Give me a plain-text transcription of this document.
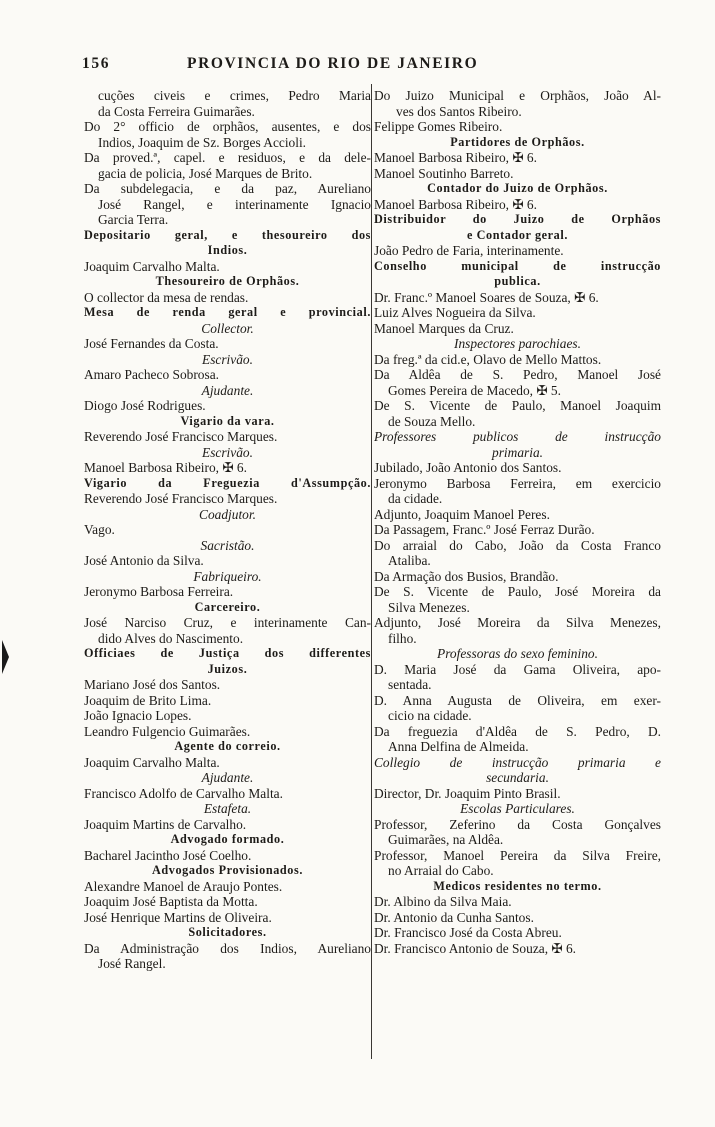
156	PROVINCIA DO RIO DE JANEIRO
cuções civeis e crimes, Pedro Maria
da Costa Ferreira Guimarães.
Do 2° officio de orphãos, ausentes, e dos
Indios, Joaquim de Sz. Borges Accioli.
Da proved.ª, capel. e residuos, e da dele-
gacia de policia, José Marques de Brito.
Da subdelegacia, e da paz, Aureliano
José Rangel, e interinamente Ignacio
Garcia Terra.
Depositario geral, e thesoureiro dos
Indios.
Joaquim Carvalho Malta.
Thesoureiro de Orphãos.
O collector da mesa de rendas.
Mesa de renda geral e provincial.
Collector.
José Fernandes da Costa.
Escrivão.
Amaro Pacheco Sobrosa.
Ajudante.
Diogo José Rodrigues.
Vigario da vara.
Reverendo José Francisco Marques.
Escrivão.
Manoel Barbosa Ribeiro, ✠ 6.
Vigario da Freguezia d'Assumpção.
Reverendo José Francisco Marques.
Coadjutor.
Vago.
Sacristão.
José Antonio da Silva.
Fabriqueiro.
Jeronymo Barbosa Ferreira.
Carcereiro.
José Narciso Cruz, e interinamente Can-
dido Alves do Nascimento.
Officiaes de Justiça dos differentes
Juizos.
Mariano José dos Santos.
Joaquim de Brito Lima.
João Ignacio Lopes.
Leandro Fulgencio Guimarães.
Agente do correio.
Joaquim Carvalho Malta.
Ajudante.
Francisco Adolfo de Carvalho Malta.
Estafeta.
Joaquim Martins de Carvalho.
Advogado formado.
Bacharel Jacintho José Coelho.
Advogados Provisionados.
Alexandre Manoel de Araujo Pontes.
Joaquim José Baptista da Motta.
José Henrique Martins de Oliveira.
Solicitadores.
Da Administração dos Indios, Aureliano
José Rangel.
Do Juizo Municipal e Orphãos, João Al-
ves dos Santos Ribeiro.
Felippe Gomes Ribeiro.
Partidores de Orphãos.
Manoel Barbosa Ribeiro, ✠ 6.
Manoel Soutinho Barreto.
Contador do Juizo de Orphãos.
Manoel Barbosa Ribeiro, ✠ 6.
Distribuidor do Juizo de Orphãos
e Contador geral.
João Pedro de Faria, interinamente.
Conselho municipal de instrucção
publica.
Dr. Franc.º Manoel Soares de Souza, ✠ 6.
Luiz Alves Nogueira da Silva.
Manoel Marques da Cruz.
Inspectores parochiaes.
Da freg.ª da cid.e, Olavo de Mello Mattos.
Da Aldêa de S. Pedro, Manoel José
Gomes Pereira de Macedo, ✠ 5.
De S. Vicente de Paulo, Manoel Joaquim
de Souza Mello.
Professores publicos de instrucção
primaria.
Jubilado, João Antonio dos Santos.
Jeronymo Barbosa Ferreira, em exercicio
da cidade.
Adjunto, Joaquim Manoel Peres.
Da Passagem, Franc.º José Ferraz Durão.
Do arraial do Cabo, João da Costa Franco
Ataliba.
Da Armação dos Busios, Brandão.
De S. Vicente de Paulo, José Moreira da
Silva Menezes.
Adjunto, José Moreira da Silva Menezes,
filho.
Professoras do sexo feminino.
D. Maria José da Gama Oliveira, apo-
sentada.
D. Anna Augusta de Oliveira, em exer-
cicio na cidade.
Da freguezia d'Aldêa de S. Pedro, D.
Anna Delfina de Almeida.
Collegio de instrucção primaria e
secundaria.
Director, Dr. Joaquim Pinto Brasil.
Escolas Particulares.
Professor, Zeferino da Costa Gonçalves
Guimarães, na Aldêa.
Professor, Manoel Pereira da Silva Freire,
no Arraial do Cabo.
Medicos residentes no termo.
Dr. Albino da Silva Maia.
Dr. Antonio da Cunha Santos.
Dr. Francisco José da Costa Abreu.
Dr. Francisco Antonio de Souza, ✠ 6.
